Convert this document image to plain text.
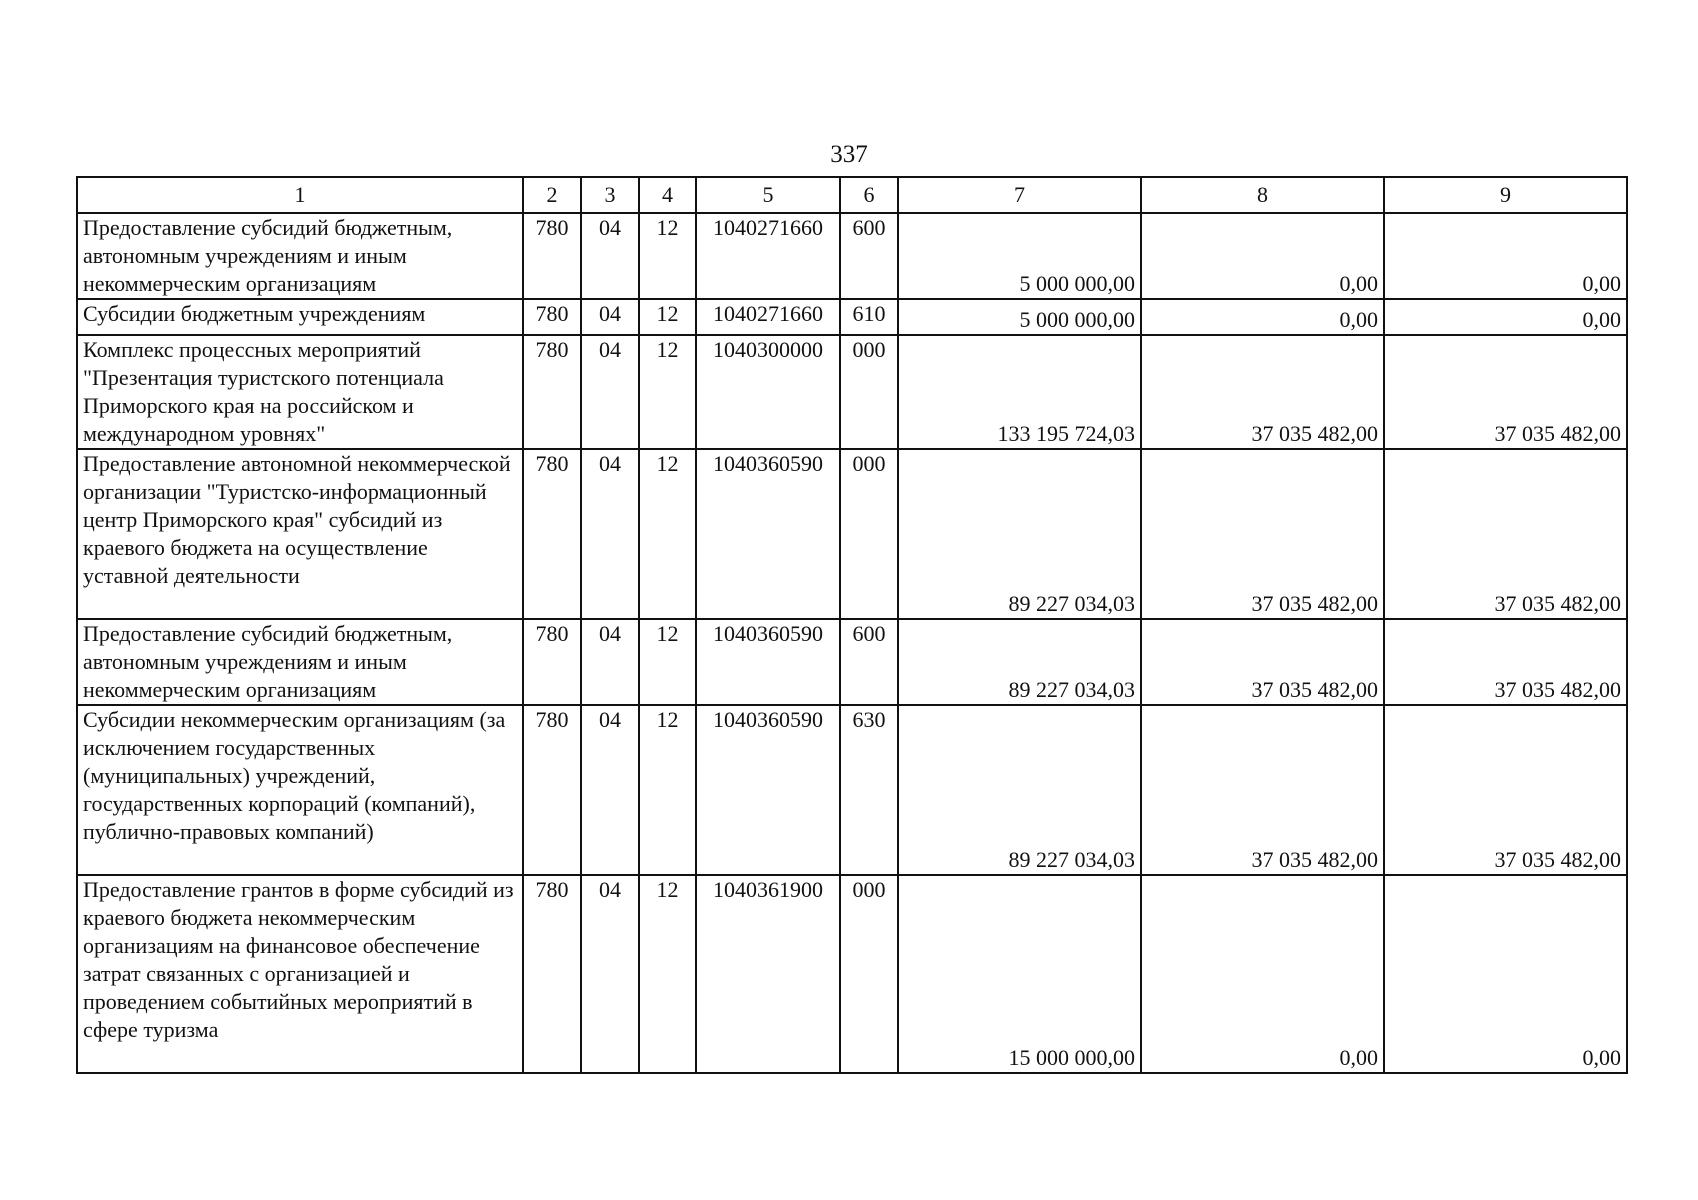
337
1	2	3	4	5	6	7	8	9
Предоставление субсидий бюджетным, автономным учреждениям и иным некоммерческим организациям	780	04	12	1040271660	600	5 000 000,00	0,00	0,00
Субсидии бюджетным учреждениям	780	04	12	1040271660	610	5 000 000,00	0,00	0,00
Комплекс процессных мероприятий "Презентация туристского потенциала Приморского края на российском и международном уровнях"	780	04	12	1040300000	000	133 195 724,03	37 035 482,00	37 035 482,00
Предоставление автономной некоммерческой организации "Туристско-информационный центр Приморского края" субсидий из краевого бюджета на осуществление уставной деятельности	780	04	12	1040360590	000	89 227 034,03	37 035 482,00	37 035 482,00
Предоставление субсидий бюджетным, автономным учреждениям и иным некоммерческим организациям	780	04	12	1040360590	600	89 227 034,03	37 035 482,00	37 035 482,00
Субсидии некоммерческим организациям (за исключением государственных (муниципальных) учреждений, государственных корпораций (компаний), публично-правовых компаний)	780	04	12	1040360590	630	89 227 034,03	37 035 482,00	37 035 482,00
Предоставление грантов в форме субсидий из краевого бюджета некоммерческим организациям на финансовое обеспечение затрат связанных с организацией и проведением событийных мероприятий в сфере туризма	780	04	12	1040361900	000	15 000 000,00	0,00	0,00
